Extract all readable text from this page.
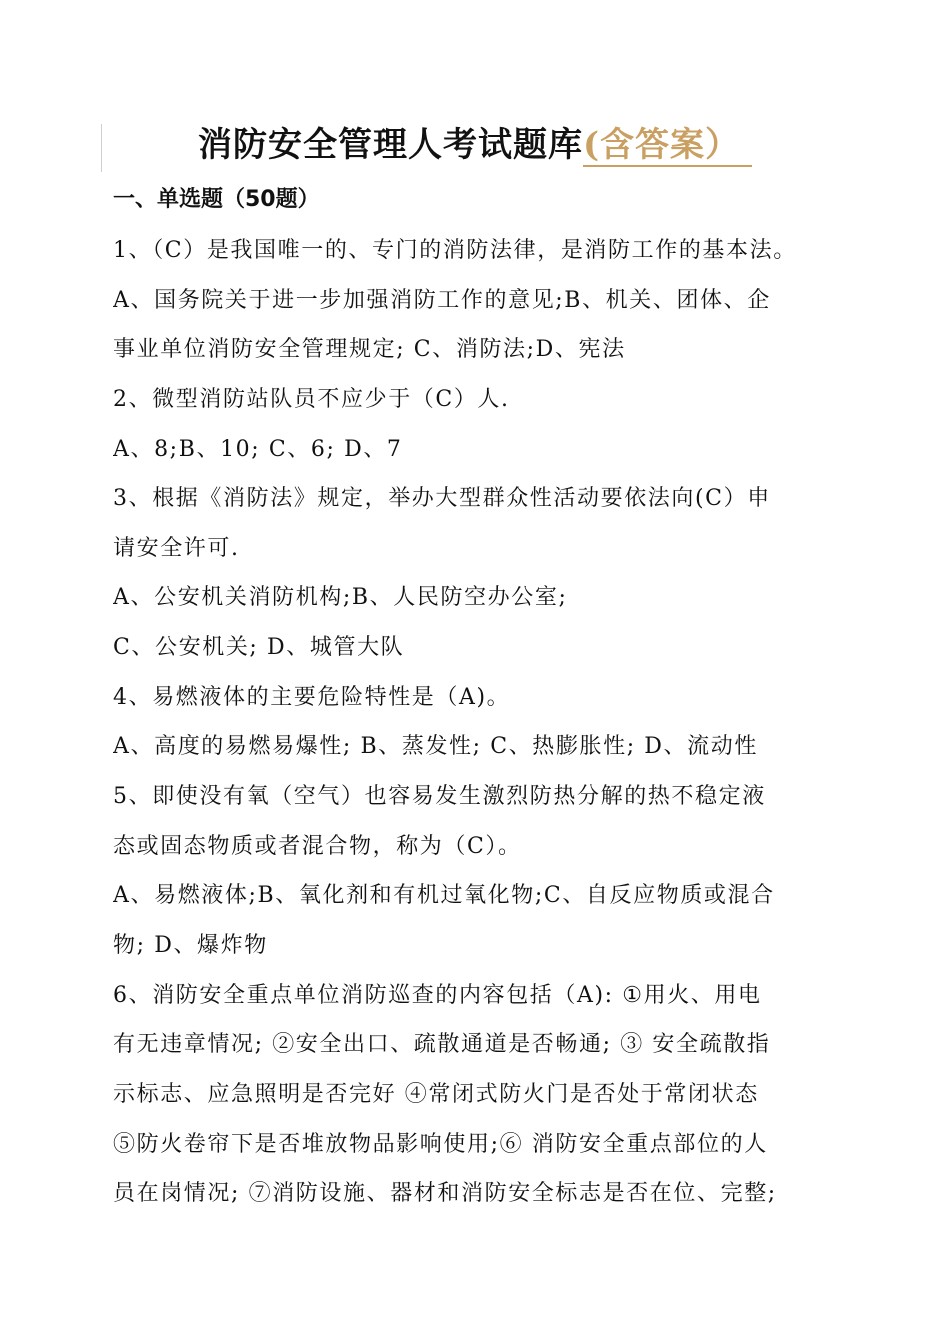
消防安全管理人考试题库(含答案）
一、单选题（50题）
1、（C）是我国唯一的、专门的消防法律，是消防工作的基本法。
A、国务院关于进一步加强消防工作的意见;B、机关、团体、企
事业单位消防安全管理规定; C、消防法;D、宪法
2、微型消防站队员不应少于（C）人.
A、8;B、10; C、6; D、7
3、根据《消防法》规定，举办大型群众性活动要依法向(C）申
请安全许可.
A、公安机关消防机构;B、人民防空办公室;
C、公安机关; D、城管大队
4、易燃液体的主要危险特性是（A)。
A、高度的易燃易爆性; B、蒸发性; C、热膨胀性; D、流动性
5、即使没有氧（空气）也容易发生激烈防热分解的热不稳定液
态或固态物质或者混合物，称为（C）。
A、易燃液体;B、氧化剂和有机过氧化物;C、自反应物质或混合
物; D、爆炸物
6、消防安全重点单位消防巡查的内容包括（A): ①用火、用电
有无违章情况; ②安全出口、疏散通道是否畅通; ③ 安全疏散指
示标志、应急照明是否完好 ④常闭式防火门是否处于常闭状态
⑤防火卷帘下是否堆放物品影响使用;⑥ 消防安全重点部位的人
员在岗情况; ⑦消防设施、器材和消防安全标志是否在位、完整;
